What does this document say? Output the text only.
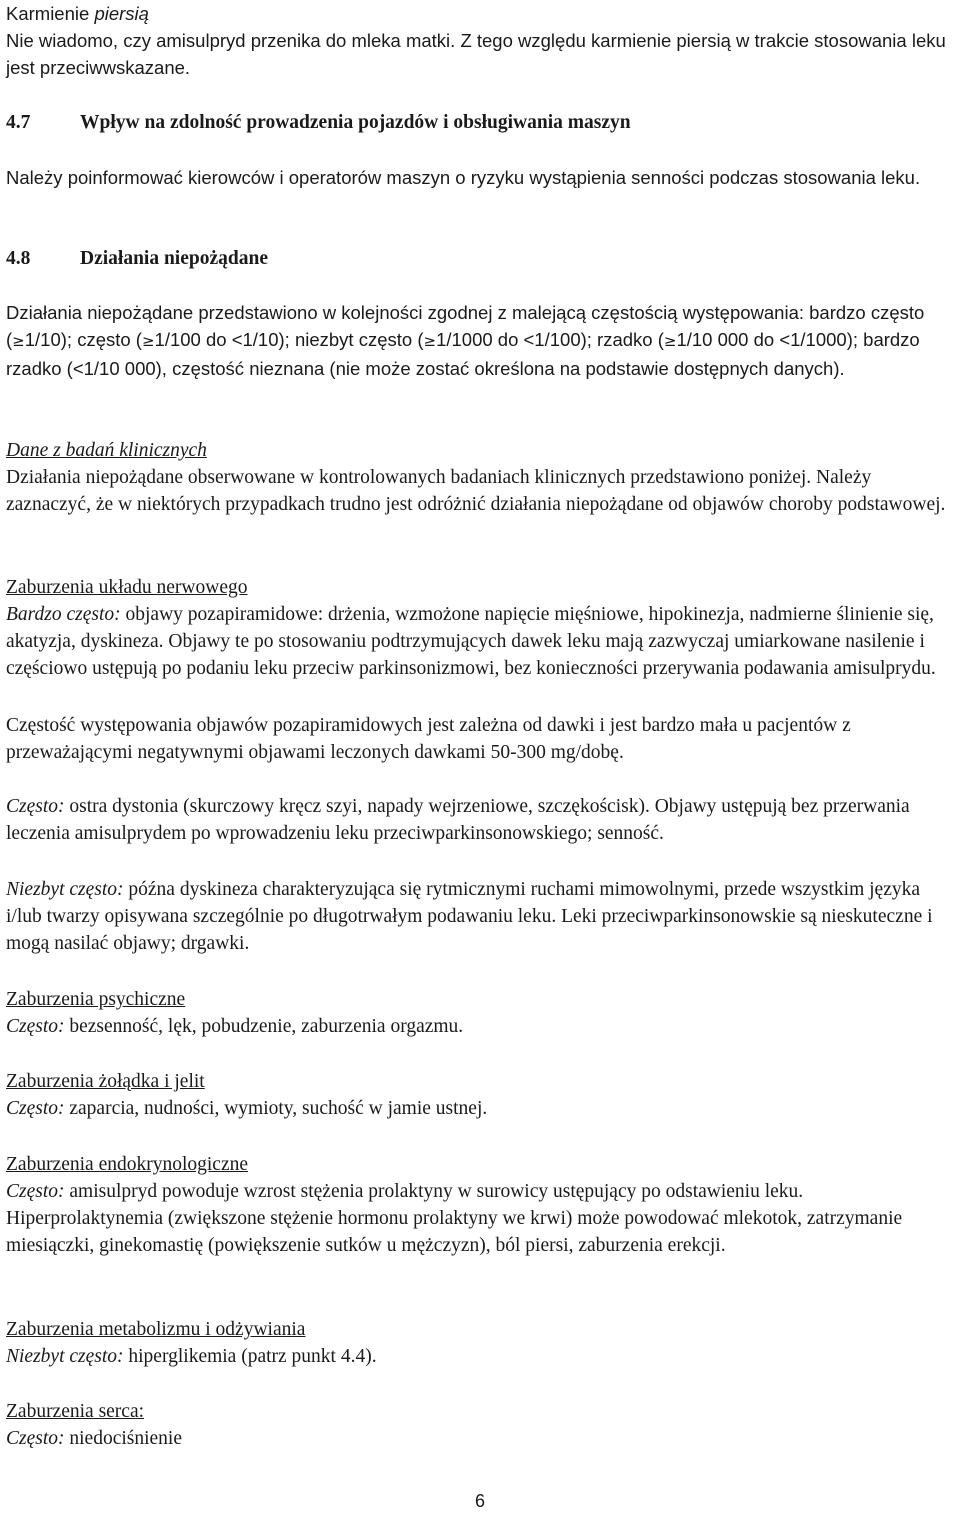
Karmienie piersią

Nie wiadomo, czy amisulpryd przenika do mleka matki. Z tego względu karmienie piersią w trakcie stosowania leku jest przeciwwskazane.

4.7	Wpływ na zdolność prowadzenia pojazdów i obsługiwania maszyn

Należy poinformować kierowców i operatorów maszyn o ryzyku wystąpienia senności podczas stosowania leku.

4.8	Działania niepożądane

Działania niepożądane przedstawiono w kolejności zgodnej z malejącą częstością występowania: bardzo często (≥1/10); często (≥1/100 do <1/10); niezbyt często (≥1/1000 do <1/100); rzadko (≥1/10 000 do <1/1000); bardzo rzadko (<1/10 000), częstość nieznana (nie może zostać określona na podstawie dostępnych danych).

Dane z badań klinicznych

Działania niepożądane obserwowane w kontrolowanych badaniach klinicznych przedstawiono poniżej. Należy zaznaczyć, że w niektórych przypadkach trudno jest odróżnić działania niepożądane od objawów choroby podstawowej.

Zaburzenia układu nerwowego

Bardzo często: objawy pozapiramidowe: drżenia, wzmożone napięcie mięśniowe, hipokinezja, nadmierne ślinienie się, akatyzja, dyskineza. Objawy te po stosowaniu podtrzymujących dawek leku mają zazwyczaj umiarkowane nasilenie i częściowo ustępują po podaniu leku przeciw parkinsonizmowi, bez konieczności przerywania podawania amisulprydu.

Częstość występowania objawów pozapiramidowych jest zależna od dawki i jest bardzo mała u pacjentów z przeważającymi negatywnymi objawami leczonych dawkami 50-300 mg/dobę.

Często: ostra dystonia (skurczowy kręcz szyi, napady wejrzeniowe, szczękościsk). Objawy ustępują bez przerwania leczenia amisulprydem po wprowadzeniu leku przeciwparkinsonowskiego; senność.

Niezbyt często: późna dyskineza charakteryzująca się rytmicznymi ruchami mimowolnymi, przede wszystkim języka i/lub twarzy opisywana szczególnie po długotrwałym podawaniu leku. Leki przeciwparkinsonowskie są nieskuteczne i mogą nasilać objawy; drgawki.

Zaburzenia psychiczne

Często: bezsenność, lęk, pobudzenie, zaburzenia orgazmu.

Zaburzenia żołądka i jelit

Często: zaparcia, nudności, wymioty, suchość w jamie ustnej.

Zaburzenia endokrynologiczne

Często: amisulpryd powoduje wzrost stężenia prolaktyny w surowicy ustępujący po odstawieniu leku. Hiperprolaktynemia (zwiększone stężenie hormonu prolaktyny we krwi) może powodować mlekotok, zatrzymanie miesiączki, ginekomastię (powiększenie sutków u mężczyzn), ból piersi, zaburzenia erekcji.

Zaburzenia metabolizmu i odżywiania

Niezbyt często: hiperglikemia (patrz punkt 4.4).

Zaburzenia serca:

Często: niedociśnienie

6
